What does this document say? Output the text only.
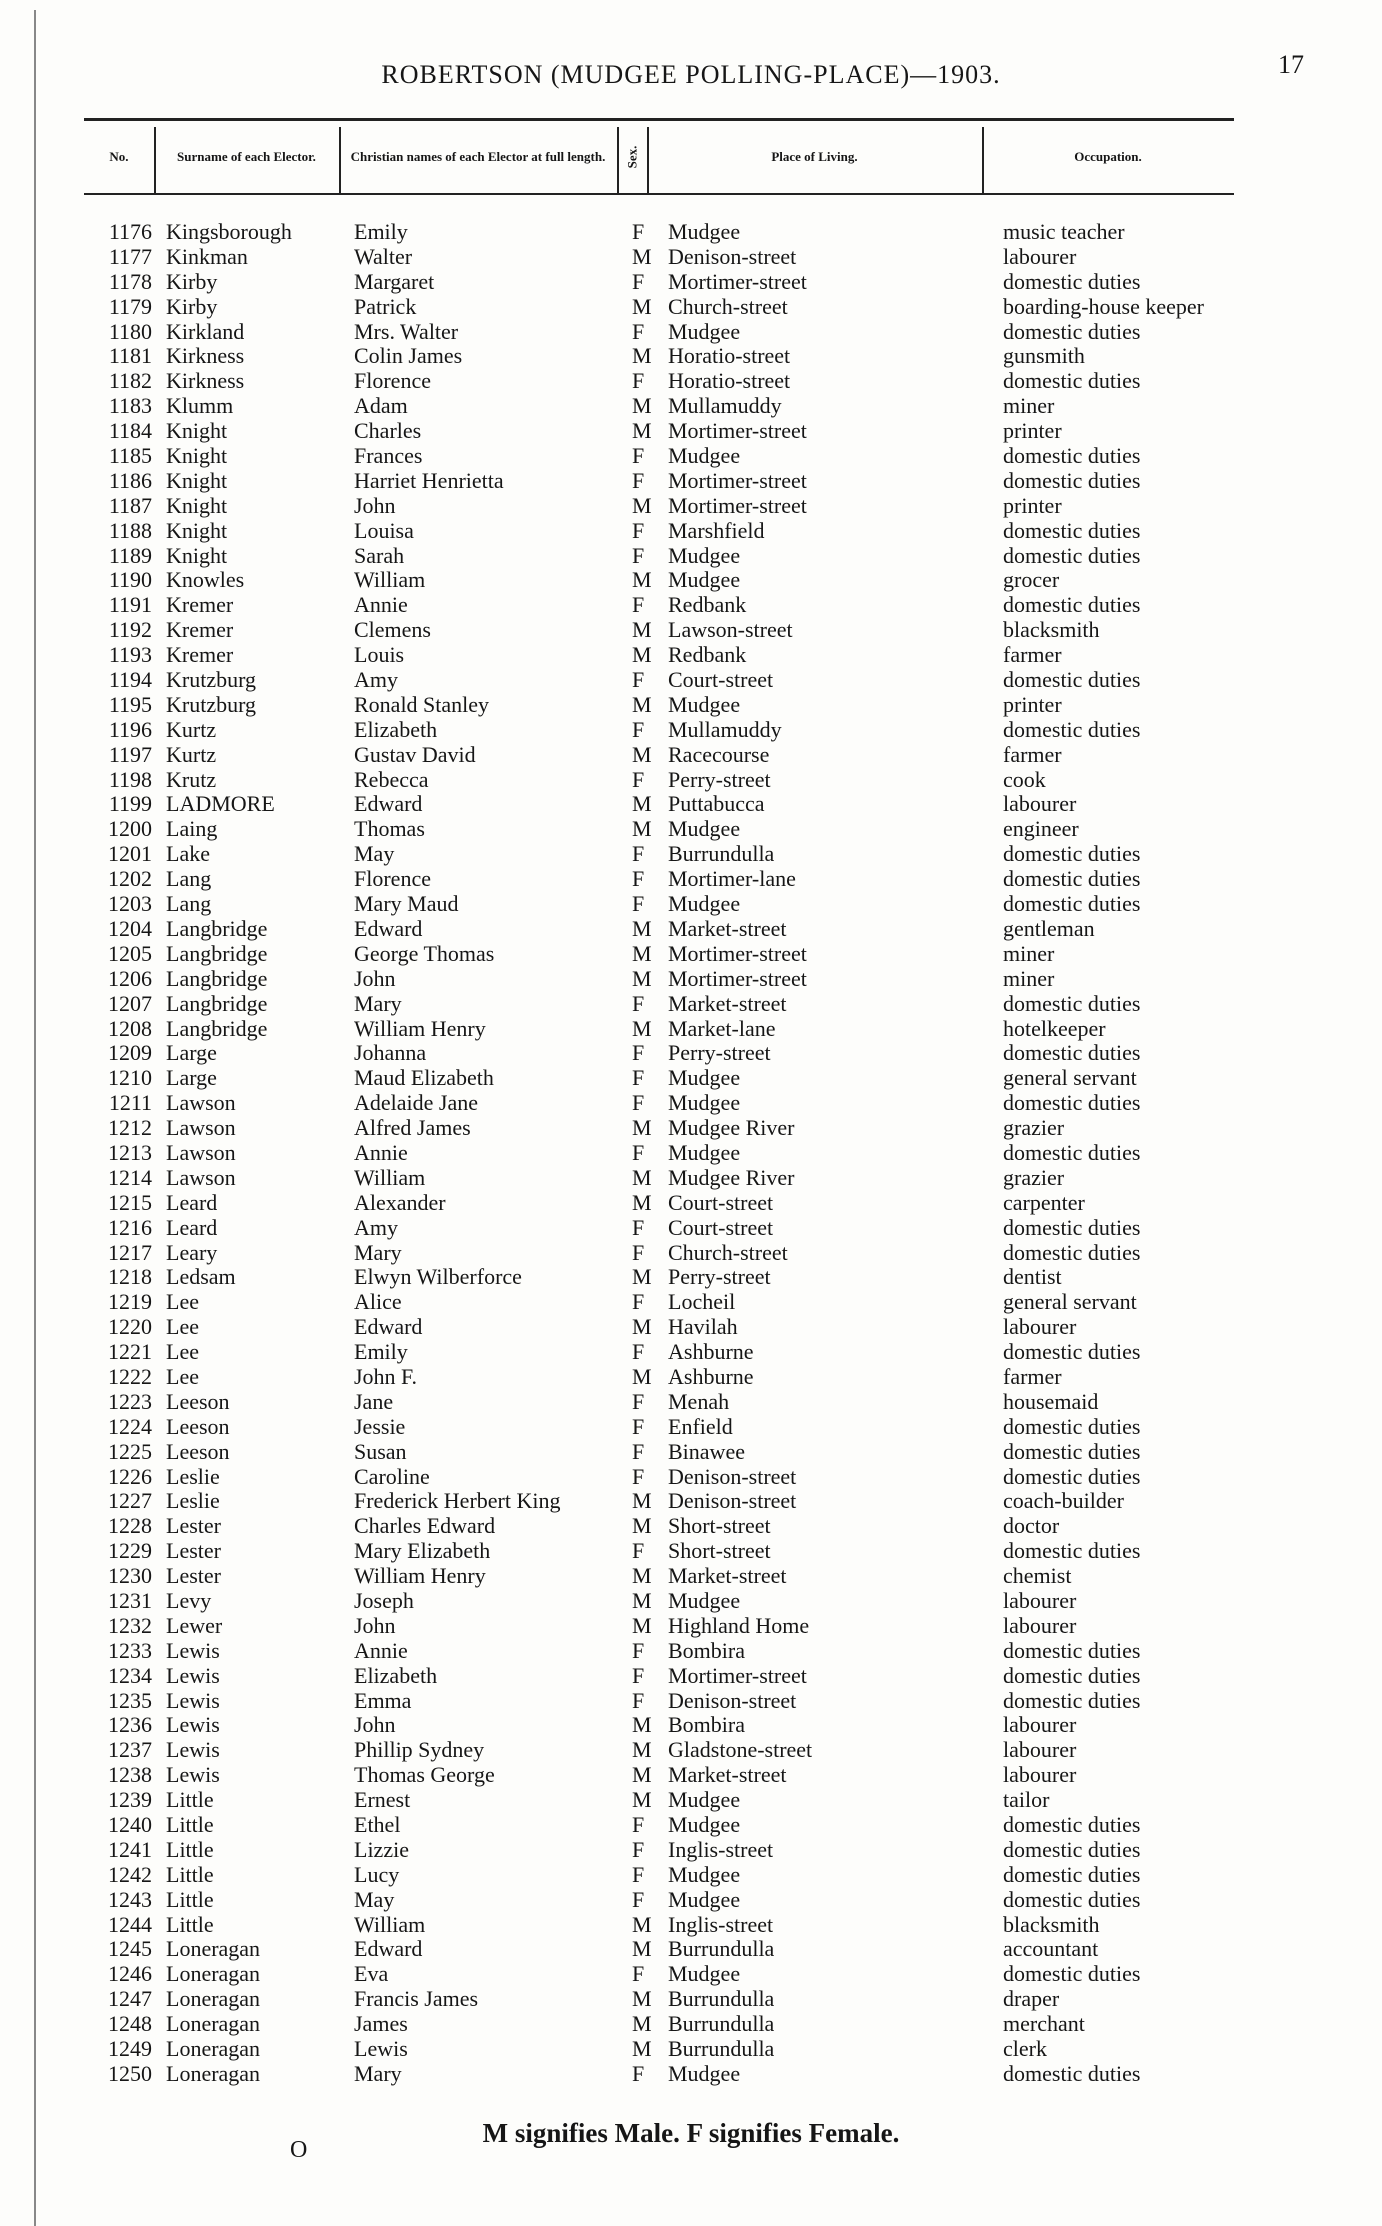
ROBERTSON (MUDGEE POLLING-PLACE)—1903.	17
No.	Surname of each Elector.	Christian names of each Elector at full length.	Sex.	Place of Living.	Occupation.
1176 Kingsborough	Emily	F Mudgee	music teacher
1177 Kinkman	Walter	M Denison-street	labourer
1178 Kirby	Margaret	F Mortimer-street	domestic duties
1179 Kirby	Patrick	M Church-street	boarding-house keeper
1180 Kirkland	Mrs. Walter	F Mudgee	domestic duties
1181 Kirkness	Colin James	M Horatio-street	gunsmith
1182 Kirkness	Florence	F Horatio-street	domestic duties
1183 Klumm	Adam	M Mullamuddy	miner
1184 Knight	Charles	M Mortimer-street	printer
1185 Knight	Frances	F Mudgee	domestic duties
1186 Knight	Harriet Henrietta	F Mortimer-street	domestic duties
1187 Knight	John	M Mortimer-street	printer
1188 Knight	Louisa	F Marshfield	domestic duties
1189 Knight	Sarah	F Mudgee	domestic duties
1190 Knowles	William	M Mudgee	grocer
1191 Kremer	Annie	F Redbank	domestic duties
1192 Kremer	Clemens	M Lawson-street	blacksmith
1193 Kremer	Louis	M Redbank	farmer
1194 Krutzburg	Amy	F Court-street	domestic duties
1195 Krutzburg	Ronald Stanley	M Mudgee	printer
1196 Kurtz	Elizabeth	F Mullamuddy	domestic duties
1197 Kurtz	Gustav David	M Racecourse	farmer
1198 Krutz	Rebecca	F Perry-street	cook
1199 LADMORE	Edward	M Puttabucca	labourer
1200 Laing	Thomas	M Mudgee	engineer
1201 Lake	May	F Burrundulla	domestic duties
1202 Lang	Florence	F Mortimer-lane	domestic duties
1203 Lang	Mary Maud	F Mudgee	domestic duties
1204 Langbridge	Edward	M Market-street	gentleman
1205 Langbridge	George Thomas	M Mortimer-street	miner
1206 Langbridge	John	M Mortimer-street	miner
1207 Langbridge	Mary	F Market-street	domestic duties
1208 Langbridge	William Henry	M Market-lane	hotelkeeper
1209 Large	Johanna	F Perry-street	domestic duties
1210 Large	Maud Elizabeth	F Mudgee	general servant
1211 Lawson	Adelaide Jane	F Mudgee	domestic duties
1212 Lawson	Alfred James	M Mudgee River	grazier
1213 Lawson	Annie	F Mudgee	domestic duties
1214 Lawson	William	M Mudgee River	grazier
1215 Leard	Alexander	M Court-street	carpenter
1216 Leard	Amy	F Court-street	domestic duties
1217 Leary	Mary	F Church-street	domestic duties
1218 Ledsam	Elwyn Wilberforce	M Perry-street	dentist
1219 Lee	Alice	F Locheil	general servant
1220 Lee	Edward	M Havilah	labourer
1221 Lee	Emily	F Ashburne	domestic duties
1222 Lee	John F.	M Ashburne	farmer
1223 Leeson	Jane	F Menah	housemaid
1224 Leeson	Jessie	F Enfield	domestic duties
1225 Leeson	Susan	F Binawee	domestic duties
1226 Leslie	Caroline	F Denison-street	domestic duties
1227 Leslie	Frederick Herbert King	M Denison-street	coach-builder
1228 Lester	Charles Edward	M Short-street	doctor
1229 Lester	Mary Elizabeth	F Short-street	domestic duties
1230 Lester	William Henry	M Market-street	chemist
1231 Levy	Joseph	M Mudgee	labourer
1232 Lewer	John	M Highland Home	labourer
1233 Lewis	Annie	F Bombira	domestic duties
1234 Lewis	Elizabeth	F Mortimer-street	domestic duties
1235 Lewis	Emma	F Denison-street	domestic duties
1236 Lewis	John	M Bombira	labourer
1237 Lewis	Phillip Sydney	M Gladstone-street	labourer
1238 Lewis	Thomas George	M Market-street	labourer
1239 Little	Ernest	M Mudgee	tailor
1240 Little	Ethel	F Mudgee	domestic duties
1241 Little	Lizzie	F Inglis-street	domestic duties
1242 Little	Lucy	F Mudgee	domestic duties
1243 Little	May	F Mudgee	domestic duties
1244 Little	William	M Inglis-street	blacksmith
1245 Loneragan	Edward	M Burrundulla	accountant
1246 Loneragan	Eva	F Mudgee	domestic duties
1247 Loneragan	Francis James	M Burrundulla	draper
1248 Loneragan	James	M Burrundulla	merchant
1249 Loneragan	Lewis	M Burrundulla	clerk
1250 Loneragan	Mary	F Mudgee	domestic duties
M signifies Male. F signifies Female.
O
